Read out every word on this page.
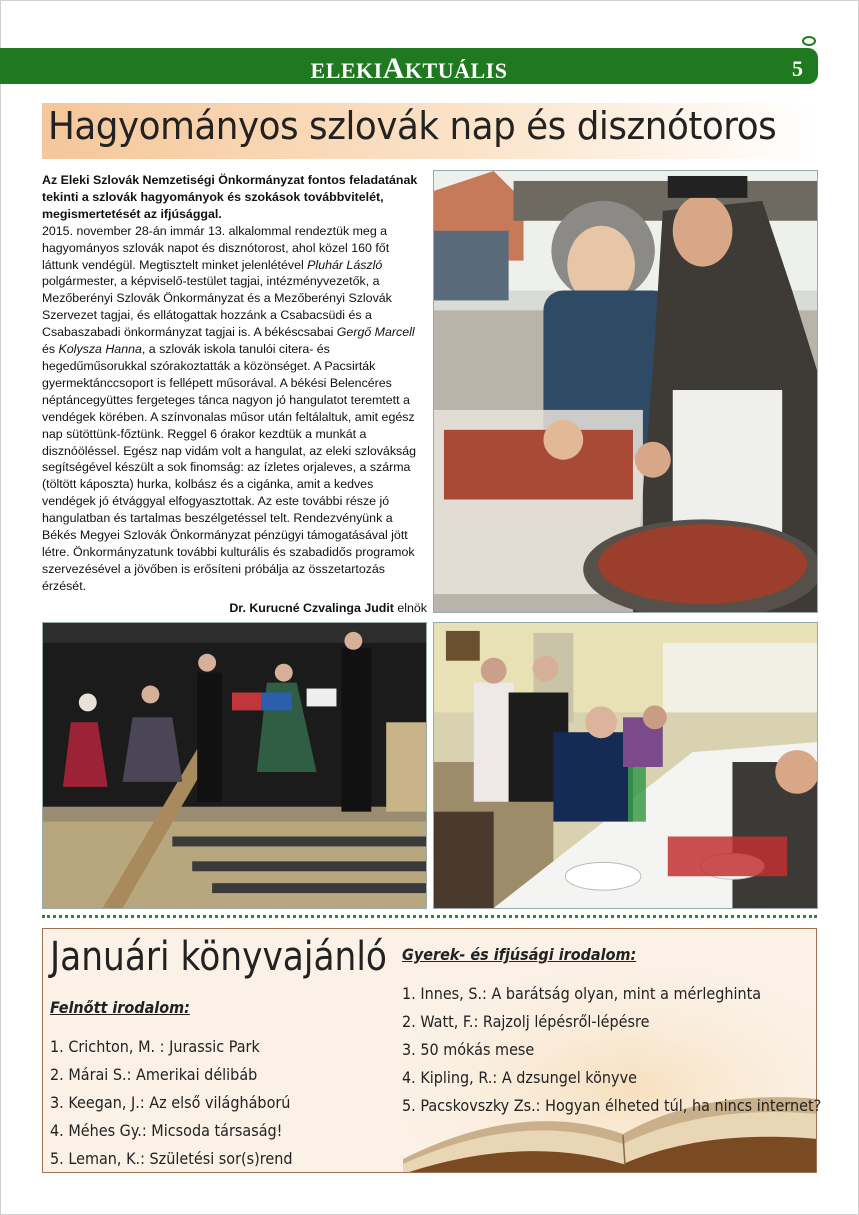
ELEKIAKTUÁLIS	5
Hagyományos szlovák nap és disznótoros

Az Eleki Szlovák Nemzetiségi Önkormányzat fontos feladatának tekinti a szlovák hagyományok és szokások továbbvitelét, megismertetését az ifjúsággal.
2015. november 28-án immár 13. alkalommal rendeztük meg a hagyományos szlovák napot és disznótorost, ahol közel 160 főt láttunk vendégül. Megtisztelt minket jelenlétével Pluhár László polgármester, a képviselő-testület tagjai, intézményvezetők, a Mezőberényi Szlovák Önkormányzat és a Mezőberényi Szlovák Szervezet tagjai, és ellátogattak hozzánk a Csabacsüdi és a Csabaszabadi önkormányzat tagjai is. A békéscsabai Gergő Marcell és Kolysza Hanna, a szlovák iskola tanulói citera- és hegedűműsorukkal szórakoztatták a közönséget. A Pacsirták gyermektánccsoport is fellépett műsorával. A békési Belencéres néptáncegyüttes fergeteges tánca nagyon jó hangulatot teremtett a vendégek körében. A színvonalas műsor után feltálaltuk, amit egész nap sütöttünk-főztünk. Reggel 6 órakor kezdtük a munkát a disznóöléssel. Egész nap vidám volt a hangulat, az eleki szlovákság segítségével készült a sok finomság: az ízletes orjaleves, a szárma (töltött káposzta) hurka, kolbász és a cigánka, amit a kedves vendégek jó étvággyal elfogyasztottak. Az este további része jó hangulatban és tartalmas beszélgetéssel telt. Rendezvényünk a Békés Megyei Szlovák Önkormányzat pénzügyi támogatásával jött létre. Önkormányzatunk további kulturális és szabadidős programok szervezésével a jövőben is erősíteni próbálja az összetartozás érzését.

Dr. Kurucné Czvalinga Judit elnök
Januári könyvajánló
Felnőtt irodalom:
1. Crichton, M. : Jurassic Park
2. Márai S.: Amerikai délibáb
3. Keegan, J.: Az első világháború
4. Méhes Gy.: Micsoda társaság!
5. Leman, K.: Születési sor(s)rend
Gyerek- és ifjúsági irodalom:
1. Innes, S.: A barátság olyan, mint a mérleghinta
2. Watt, F.: Rajzolj lépésről-lépésre
3. 50 mókás mese
4. Kipling, R.: A dzsungel könyve
5. Pacskovszky Zs.: Hogyan élheted túl, ha nincs internet?
